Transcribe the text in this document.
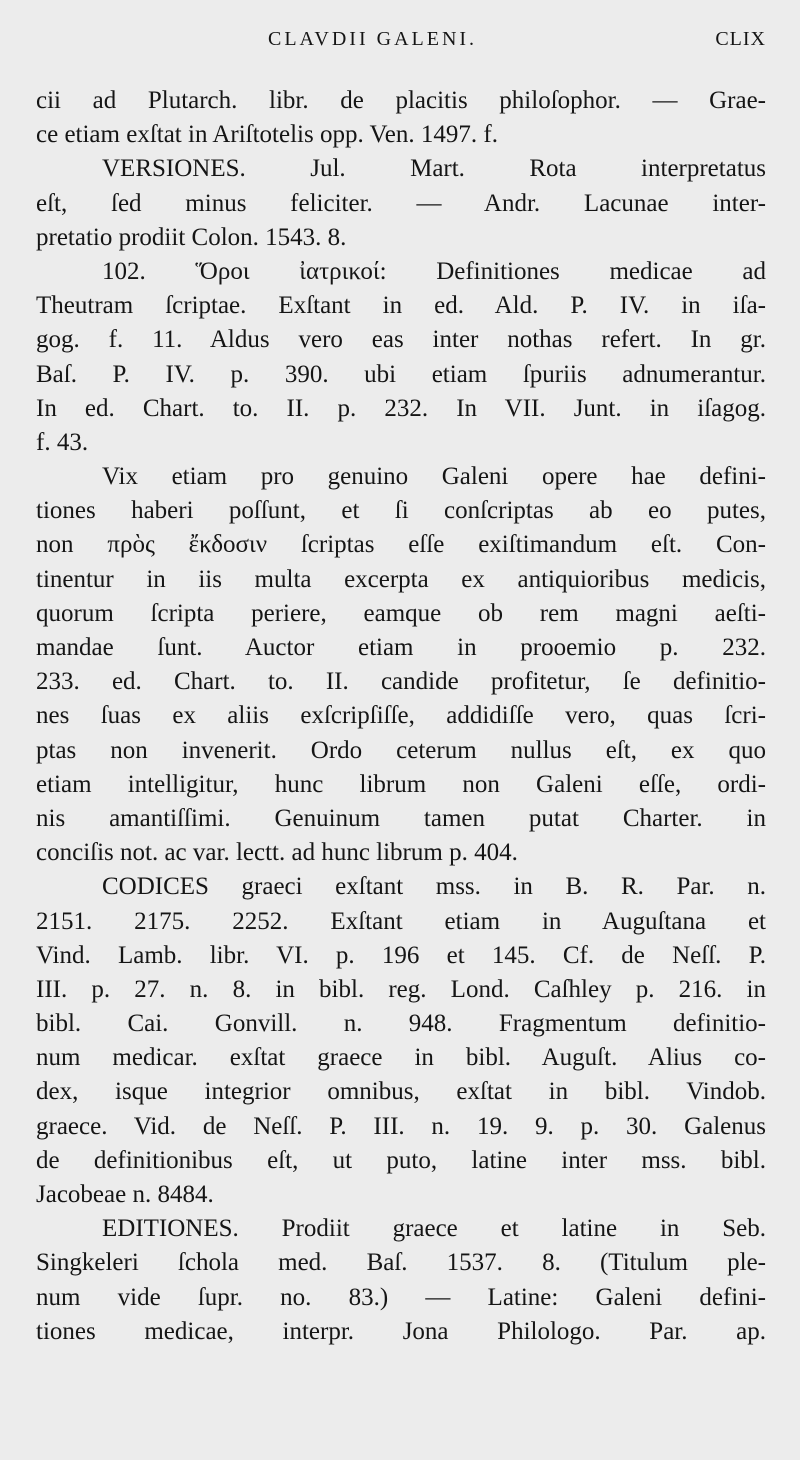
CLAVDII GALENI.	CLIX
cii ad Plutarch. libr. de placitis philoſophor. — Grae-
ce etiam exſtat in Ariſtotelis opp. Ven. 1497. f.
VERSIONES. Jul. Mart. Rota interpretatus
eſt, ſed minus feliciter. — Andr. Lacunae inter-
pretatio prodiit Colon. 1543. 8.
102. Ὅροι ἰατρικοί: Definitiones medicae ad
Theutram ſcriptae. Exſtant in ed. Ald. P. IV. in iſa-
gog. f. 11. Aldus vero eas inter nothas refert. In gr.
Baſ. P. IV. p. 390. ubi etiam ſpuriis adnumerantur.
In ed. Chart. to. II. p. 232. In VII. Junt. in iſagog.
f. 43.
Vix etiam pro genuino Galeni opere hae defini-
tiones haberi poſſunt, et ſi conſcriptas ab eo putes,
non πρὸς ἔκδοσιν ſcriptas eſſe exiſtimandum eſt. Con-
tinentur in iis multa excerpta ex antiquioribus medicis,
quorum ſcripta periere, eamque ob rem magni aeſti-
mandae ſunt. Auctor etiam in prooemio p. 232.
233. ed. Chart. to. II. candide profitetur, ſe definitio-
nes ſuas ex aliis exſcripſiſſe, addidiſſe vero, quas ſcri-
ptas non invenerit. Ordo ceterum nullus eſt, ex quo
etiam intelligitur, hunc librum non Galeni eſſe, ordi-
nis amantiſſimi. Genuinum tamen putat Charter. in
conciſis not. ac var. lectt. ad hunc librum p. 404.
CODICES graeci exſtant mss. in B. R. Par. n.
2151. 2175. 2252. Exſtant etiam in Auguſtana et
Vind. Lamb. libr. VI. p. 196 et 145. Cf. de Neſſ. P.
III. p. 27. n. 8. in bibl. reg. Lond. Caſhley p. 216. in
bibl. Cai. Gonvill. n. 948. Fragmentum definitio-
num medicar. exſtat graece in bibl. Auguſt. Alius co-
dex, isque integrior omnibus, exſtat in bibl. Vindob.
graece. Vid. de Neſſ. P. III. n. 19. 9. p. 30. Galenus
de definitionibus eſt, ut puto, latine inter mss. bibl.
Jacobeae n. 8484.
EDITIONES. Prodiit graece et latine in Seb.
Singkeleri ſchola med. Baſ. 1537. 8. (Titulum ple-
num vide ſupr. no. 83.) — Latine: Galeni defini-
tiones medicae, interpr. Jona Philologo. Par. ap.
